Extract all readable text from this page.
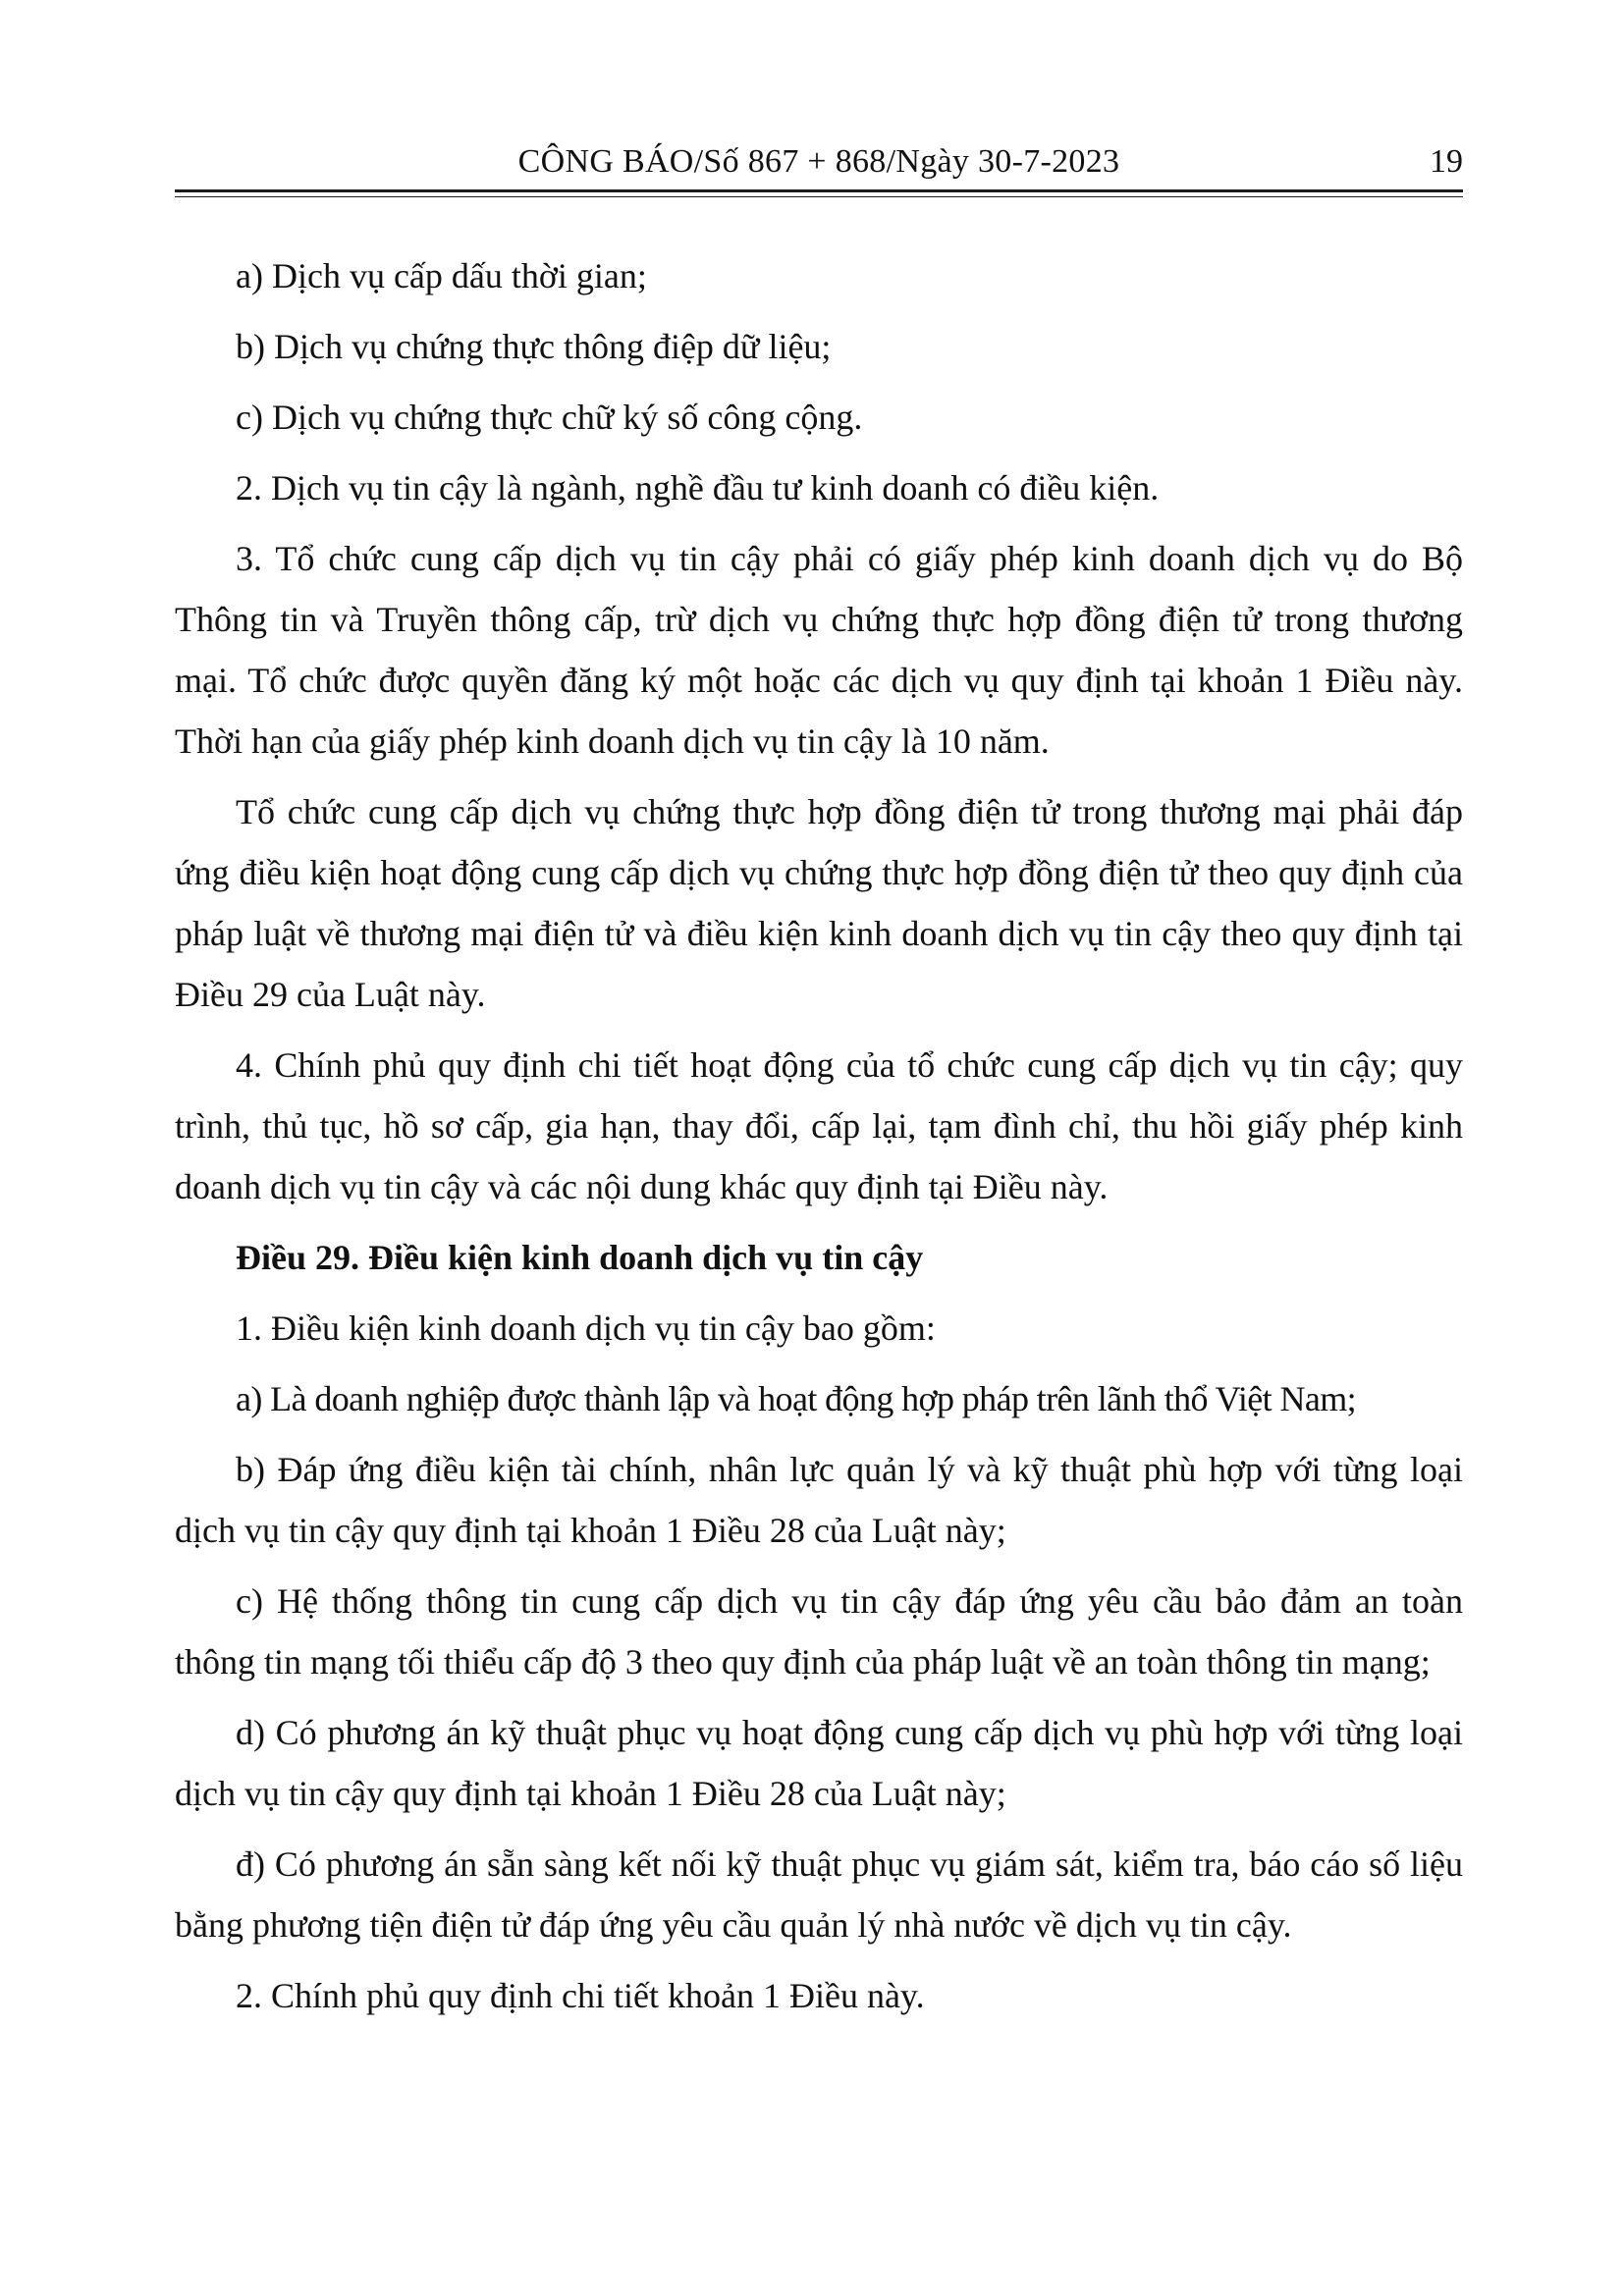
CÔNG BÁO/Số 867 + 868/Ngày 30-7-2023	19

a) Dịch vụ cấp dấu thời gian;

b) Dịch vụ chứng thực thông điệp dữ liệu;

c) Dịch vụ chứng thực chữ ký số công cộng.

2. Dịch vụ tin cậy là ngành, nghề đầu tư kinh doanh có điều kiện.

3. Tổ chức cung cấp dịch vụ tin cậy phải có giấy phép kinh doanh dịch vụ do Bộ Thông tin và Truyền thông cấp, trừ dịch vụ chứng thực hợp đồng điện tử trong thương mại. Tổ chức được quyền đăng ký một hoặc các dịch vụ quy định tại khoản 1 Điều này. Thời hạn của giấy phép kinh doanh dịch vụ tin cậy là 10 năm.

Tổ chức cung cấp dịch vụ chứng thực hợp đồng điện tử trong thương mại phải đáp ứng điều kiện hoạt động cung cấp dịch vụ chứng thực hợp đồng điện tử theo quy định của pháp luật về thương mại điện tử và điều kiện kinh doanh dịch vụ tin cậy theo quy định tại Điều 29 của Luật này.

4. Chính phủ quy định chi tiết hoạt động của tổ chức cung cấp dịch vụ tin cậy; quy trình, thủ tục, hồ sơ cấp, gia hạn, thay đổi, cấp lại, tạm đình chỉ, thu hồi giấy phép kinh doanh dịch vụ tin cậy và các nội dung khác quy định tại Điều này.

Điều 29. Điều kiện kinh doanh dịch vụ tin cậy

1. Điều kiện kinh doanh dịch vụ tin cậy bao gồm:

a) Là doanh nghiệp được thành lập và hoạt động hợp pháp trên lãnh thổ Việt Nam;

b) Đáp ứng điều kiện tài chính, nhân lực quản lý và kỹ thuật phù hợp với từng loại dịch vụ tin cậy quy định tại khoản 1 Điều 28 của Luật này;

c) Hệ thống thông tin cung cấp dịch vụ tin cậy đáp ứng yêu cầu bảo đảm an toàn thông tin mạng tối thiểu cấp độ 3 theo quy định của pháp luật về an toàn thông tin mạng;

d) Có phương án kỹ thuật phục vụ hoạt động cung cấp dịch vụ phù hợp với từng loại dịch vụ tin cậy quy định tại khoản 1 Điều 28 của Luật này;

đ) Có phương án sẵn sàng kết nối kỹ thuật phục vụ giám sát, kiểm tra, báo cáo số liệu bằng phương tiện điện tử đáp ứng yêu cầu quản lý nhà nước về dịch vụ tin cậy.

2. Chính phủ quy định chi tiết khoản 1 Điều này.
